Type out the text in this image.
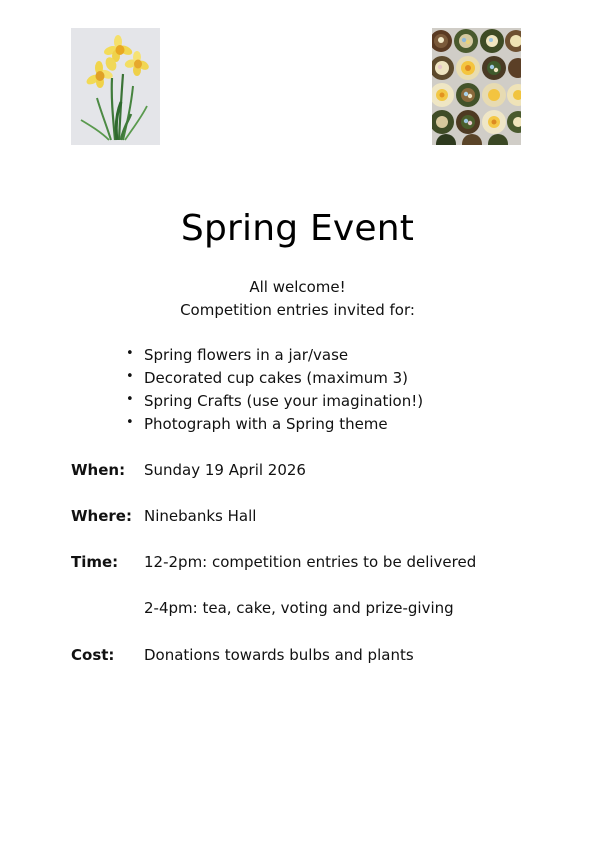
Spring Event
All welcome!
Competition entries invited for:
• Spring flowers in a jar/vase
• Decorated cup cakes (maximum 3)
• Spring Crafts (use your imagination!)
• Photograph with a Spring theme
When: Sunday 19 April 2026
Where: Ninebanks Hall
Time: 12-2pm: competition entries to be delivered
2-4pm: tea, cake, voting and prize-giving
Cost: Donations towards bulbs and plants
